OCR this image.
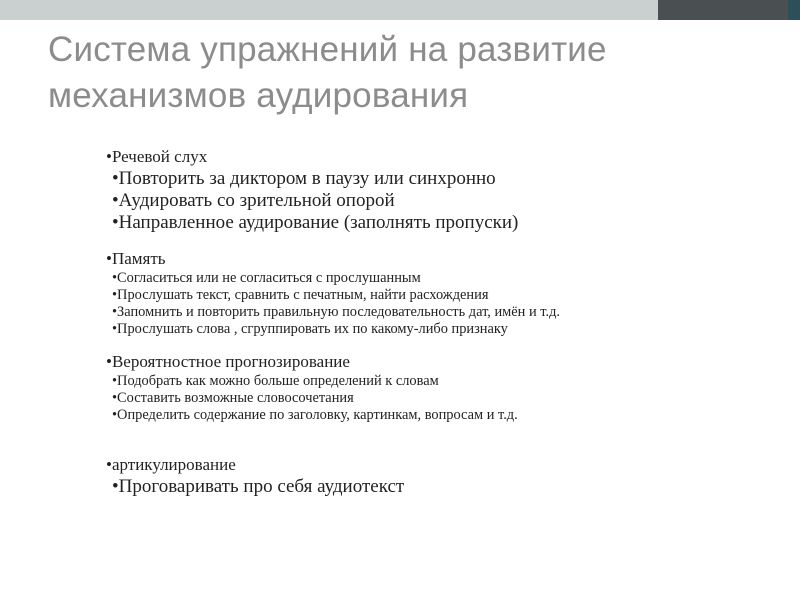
Система упражнений на развитие
механизмов аудирования
• Речевой слух
• Повторить за диктором в паузу или синхронно
• Аудировать со зрительной опорой
• Направленное аудирование (заполнять пропуски)
• Память
• Согласиться или не согласиться с прослушанным
• Прослушать текст, сравнить с печатным, найти расхождения
• Запомнить и повторить правильную последовательность дат, имён и т.д.
• Прослушать слова , сгруппировать их по какому-либо признаку
• Вероятностное прогнозирование
• Подобрать как можно больше определений к словам
• Составить возможные словосочетания
• Определить содержание по заголовку, картинкам, вопросам и т.д.
• артикулирование
• Проговаривать про себя аудиотекст
